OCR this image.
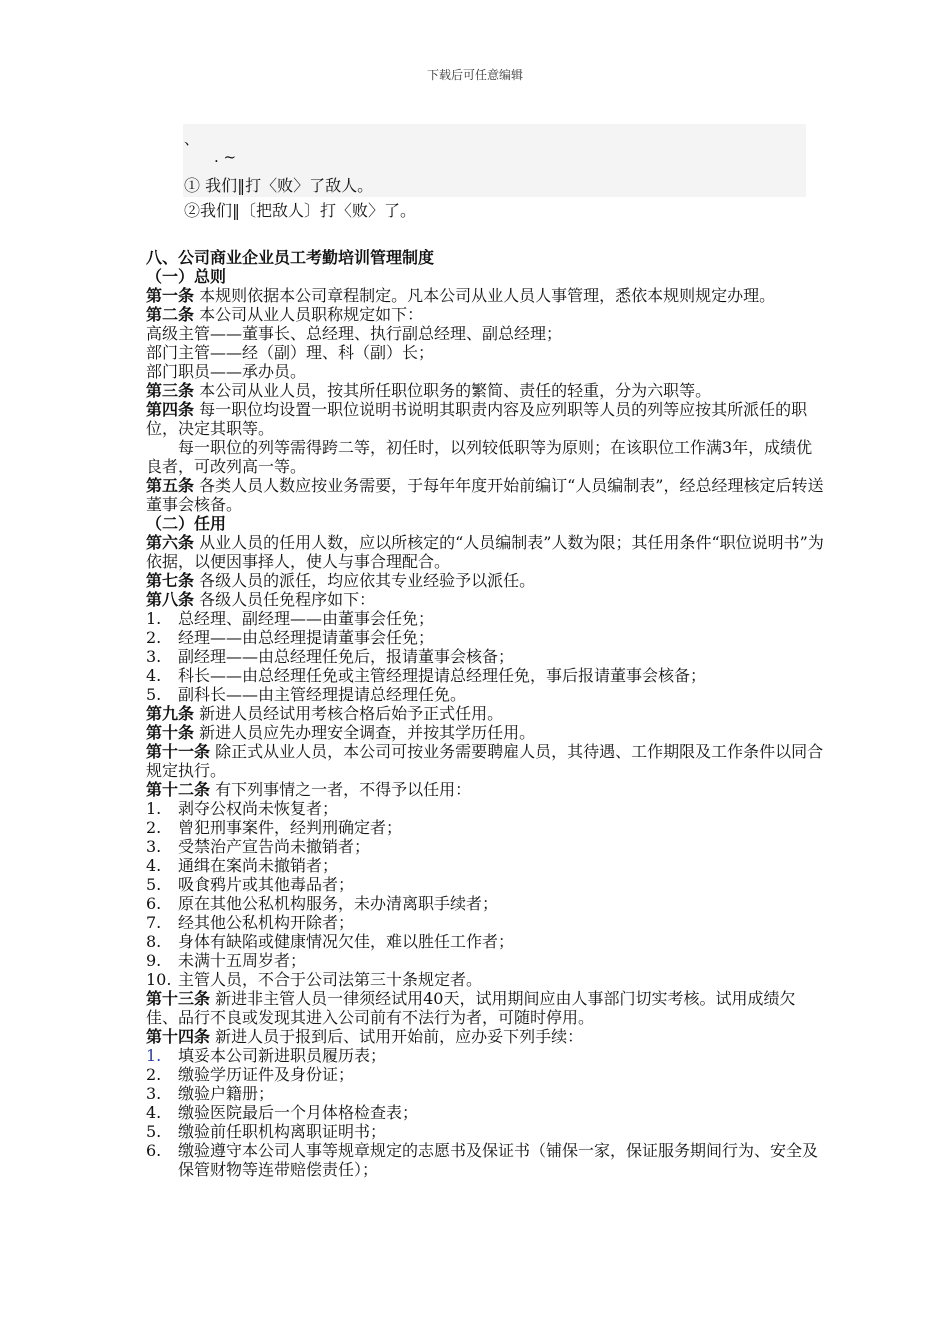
下载后可任意编辑
、
. ~
① 我们‖打〈败〉了敌人。
②我们‖〔把敌人〕打〈败〉了。

八、公司商业企业员工考勤培训管理制度

（一）总则

第一条 本规则依据本公司章程制定。凡本公司从业人员人事管理，悉依本规则规定办理。

第二条 本公司从业人员职称规定如下：

高级主管——董事长、总经理、执行副总经理、副总经理；

部门主管——经（副）理、科（副）长；

部门职员——承办员。

第三条 本公司从业人员，按其所任职位职务的繁简、责任的轻重，分为六职等。

第四条 每一职位均设置一职位说明书说明其职责内容及应列职等人员的列等应按其所派任的职位，决定其职等。

每一职位的列等需得跨二等，初任时，以列较低职等为原则；在该职位工作满3年，成绩优良者，可改列高一等。

第五条 各类人员人数应按业务需要，于每年年度开始前编订“人员编制表”，经总经理核定后转送董事会核备。

（二）任用

第六条 从业人员的任用人数，应以所核定的“人员编制表”人数为限；其任用条件“职位说明书”为依据，以便因事择人，使人与事合理配合。

第七条 各级人员的派任，均应依其专业经验予以派任。

第八条 各级人员任免程序如下：

1.	总经理、副经理——由董事会任免；
2.	经理——由总经理提请董事会任免；
3.	副经理——由总经理任免后，报请董事会核备；
4.	科长——由总经理任免或主管经理提请总经理任免，事后报请董事会核备；
5.	副科长——由主管经理提请总经理任免。

第九条 新进人员经试用考核合格后始予正式任用。

第十条 新进人员应先办理安全调查，并按其学历任用。

第十一条 除正式从业人员，本公司可按业务需要聘雇人员，其待遇、工作期限及工作条件以同合规定执行。

第十二条 有下列事情之一者，不得予以任用：

1.	剥夺公权尚未恢复者；
2.	曾犯刑事案件，经判刑确定者；
3.	受禁治产宣告尚未撤销者；
4.	通缉在案尚未撤销者；
5.	吸食鸦片或其他毒品者；
6.	原在其他公私机构服务，未办清离职手续者；
7.	经其他公私机构开除者；
8.	身体有缺陷或健康情况欠佳，难以胜任工作者；
9.	未满十五周岁者；
10. 主管人员，不合于公司法第三十条规定者。

第十三条 新进非主管人员一律须经试用40天，试用期间应由人事部门切实考核。试用成绩欠佳、品行不良或发现其进入公司前有不法行为者，可随时停用。

第十四条 新进人员于报到后、试用开始前，应办妥下列手续：

1.	填妥本公司新进职员履历表；
2.	缴验学历证件及身份证；
3.	缴验户籍册；
4.	缴验医院最后一个月体格检查表；
5.	缴验前任职机构离职证明书；
6.	缴验遵守本公司人事等规章规定的志愿书及保证书（铺保一家，保证服务期间行为、安全及保管财物等连带赔偿责任）；
